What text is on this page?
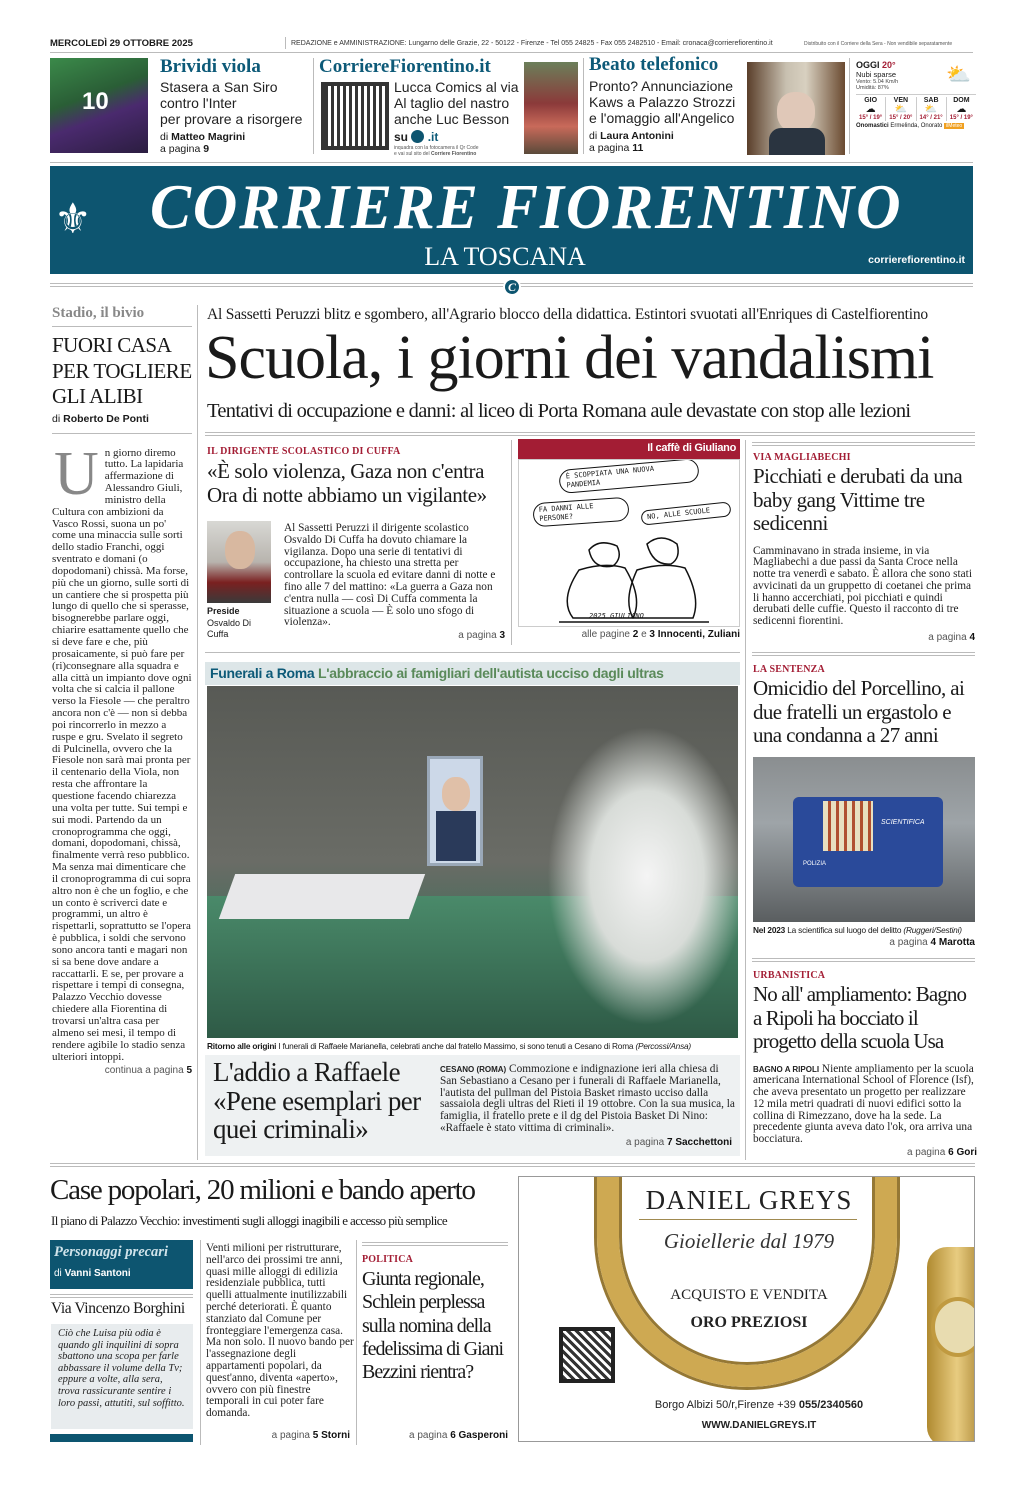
MERCOLEDÌ 29 OTTOBRE 2025	REDAZIONE e AMMINISTRAZIONE: Lungarno delle Grazie, 22 - 50122 - Firenze - Tel 055 24825 - Fax 055 2482510 - Email: cronaca@corrierefiorentino.it	Distribuito con il Corriere della Sera - Non vendibile separatamente
10
Brividi viola
Stasera a San Siro
contro l'Inter
per provare a risorgere
di Matteo Magrini
a pagina 9
CorriereFiorentino.it
Lucca Comics al via
Al taglio del nastro
anche Luc Besson
su .it
inquadra con la fotocamera il Qr Code
e vai sul sito del Corriere Fiorentino
Beato telefonico
Pronto? Annunciazione
Kaws a Palazzo Strozzi
e l'omaggio all'Angelico
di Laura Antonini
a pagina 11
OGGI 20°
Nubi sparse
Vento: 5.04 Km/h
Umidità: 87%
⛅
GIO
☁
15° / 19°
VEN
⛅
15° / 20°
SAB
⛅
14° / 21°
DOM
☁
15° / 19°
Onomastici Ermelinda, Onorato ilMeteo
⚜ CORRIERE FIORENTINO
LA TOSCANA	corrierefiorentino.it
C
Stadio, il bivio
FUORI CASA
PER TOGLIERE
GLI ALIBI
di Roberto De Ponti
Un giorno diremo tutto. La lapidaria affermazione di Alessandro Giuli, ministro della Cultura con ambizioni da Vasco Rossi, suona un po' come una minaccia sulle sorti dello stadio Franchi, oggi sventrato e domani (o dopodomani) chissà. Ma forse, più che un giorno, sulle sorti di un cantiere che si prospetta più lungo di quello che si sperasse, bisognerebbe parlare oggi, chiarire esattamente quello che si deve fare e che, più prosaicamente, si può fare per (ri)consegnare alla squadra e alla città un impianto dove ogni volta che si calcia il pallone verso la Fiesole — che peraltro ancora non c'è — non si debba poi rincorrerlo in mezzo a ruspe e gru. Svelato il segreto di Pulcinella, ovvero che la Fiesole non sarà mai pronta per il centenario della Viola, non resta che affrontare la questione facendo chiarezza una volta per tutte. Sui tempi e sui modi. Partendo da un cronoprogramma che oggi, domani, dopodomani, chissà, finalmente verrà reso pubblico. Ma senza mai dimenticare che il cronoprogramma di cui sopra altro non è che un foglio, e che un conto è scriverci date e programmi, un altro è rispettarli, soprattutto se l'opera è pubblica, i soldi che servono sono ancora tanti e magari non si sa bene dove andare a raccattarli. E se, per provare a rispettare i tempi di consegna, Palazzo Vecchio dovesse chiedere alla Fiorentina di trovarsi un'altra casa per almeno sei mesi, il tempo di rendere agibile lo stadio senza ulteriori intoppi.
continua a pagina 5
Al Sassetti Peruzzi blitz e sgombero, all'Agrario blocco della didattica. Estintori svuotati all'Enriques di Castelfiorentino
Scuola, i giorni dei vandalismi
Tentativi di occupazione e danni: al liceo di Porta Romana aule devastate con stop alle lezioni
IL DIRIGENTE SCOLASTICO DI CUFFA
«È solo violenza, Gaza non c'entra Ora di notte abbiamo un vigilante»
Preside
Osvaldo Di Cuffa
Al Sassetti Peruzzi il dirigente scolastico Osvaldo Di Cuffa ha dovuto chiamare la vigilanza. Dopo una serie di tentativi di occupazione, ha chiesto una stretta per controllare la scuola ed evitare danni di notte e fino alle 7 del mattino: «La guerra a Gaza non c'entra nulla — così Di Cuffa commenta la situazione a scuola — È solo uno sfogo di violenza».
a pagina 3
Il caffè di Giuliano
È SCOPPIATA UNA NUOVA PANDEMIA
FA DANNI ALLE PERSONE?	NO, ALLE SCUOLE
2025 GIULIANO
alle pagine 2 e 3 Innocenti, Zuliani
VIA MAGLIABECHI
Picchiati e derubati da una baby gang Vittime tre sedicenni
Camminavano in strada insieme, in via Magliabechi a due passi da Santa Croce nella notte tra venerdì e sabato. È allora che sono stati avvicinati da un gruppetto di coetanei che prima li hanno accerchiati, poi picchiati e quindi derubati delle cuffie. Questo il racconto di tre sedicenni fiorentini.
a pagina 4
Funerali a Roma L'abbraccio ai famigliari dell'autista ucciso dagli ultras
Ritorno alle origini I funerali di Raffaele Marianella, celebrati anche dal fratello Massimo, si sono tenuti a Cesano di Roma (Percossi/Ansa)
L'addio a Raffaele «Pene esemplari per quei criminali»
CESANO (ROMA) Commozione e indignazione ieri alla chiesa di San Sebastiano a Cesano per i funerali di Raffaele Marianella, l'autista del pullman del Pistoia Basket rimasto ucciso dalla sassaiola degli ultras del Rieti il 19 ottobre. Con la sua musica, la famiglia, il fratello prete e il dg del Pistoia Basket Di Nino: «Raffaele è stato vittima di criminali».
a pagina 7 Sacchettoni
LA SENTENZA
Omicidio del Porcellino, ai due fratelli un ergastolo e una condanna a 27 anni
SCIENTIFICA
POLIZIA
Nel 2023 La scientifica sul luogo del delitto (Ruggeri/Sestini)
a pagina 4 Marotta
URBANISTICA
No all' ampliamento: Bagno a Ripoli ha bocciato il progetto della scuola Usa
BAGNO A RIPOLI Niente ampliamento per la scuola americana International School of Florence (Isf), che aveva presentato un progetto per realizzare 12 mila metri quadrati di nuovi edifici sotto la collina di Rimezzano, dove ha la sede. La precedente giunta aveva dato l'ok, ora arriva una bocciatura.
a pagina 6 Gori
Case popolari, 20 milioni e bando aperto
Il piano di Palazzo Vecchio: investimenti sugli alloggi inagibili e accesso più semplice
Personaggi precari
di Vanni Santoni
Via Vincenzo Borghini
Ciò che Luisa più odia è quando gli inquilini di sopra sbattono una scopa per farle abbassare il volume della Tv; eppure a volte, alla sera, trova rassicurante sentire i loro passi, attutiti, sul soffitto.
Venti milioni per ristrutturare, nell'arco dei prossimi tre anni, quasi mille alloggi di edilizia residenziale pubblica, tutti quelli attualmente inutilizzabili perché deteriorati. È quanto stanziato dal Comune per fronteggiare l'emergenza casa. Ma non solo. Il nuovo bando per l'assegnazione degli appartamenti popolari, da quest'anno, diventa «aperto», ovvero con più finestre temporali in cui poter fare domanda.
a pagina 5 Storni
POLITICA
Giunta regionale, Schlein perplessa sulla nomina della fedelissima di Giani Bezzini rientra?
a pagina 6 Gasperoni
DANIEL GREYS
Gioiellerie dal 1979
ACQUISTO E VENDITA
ORO PREZIOSI
Borgo Albizi 50/r,Firenze +39 055/2340560
WWW.DANIELGREYS.IT
